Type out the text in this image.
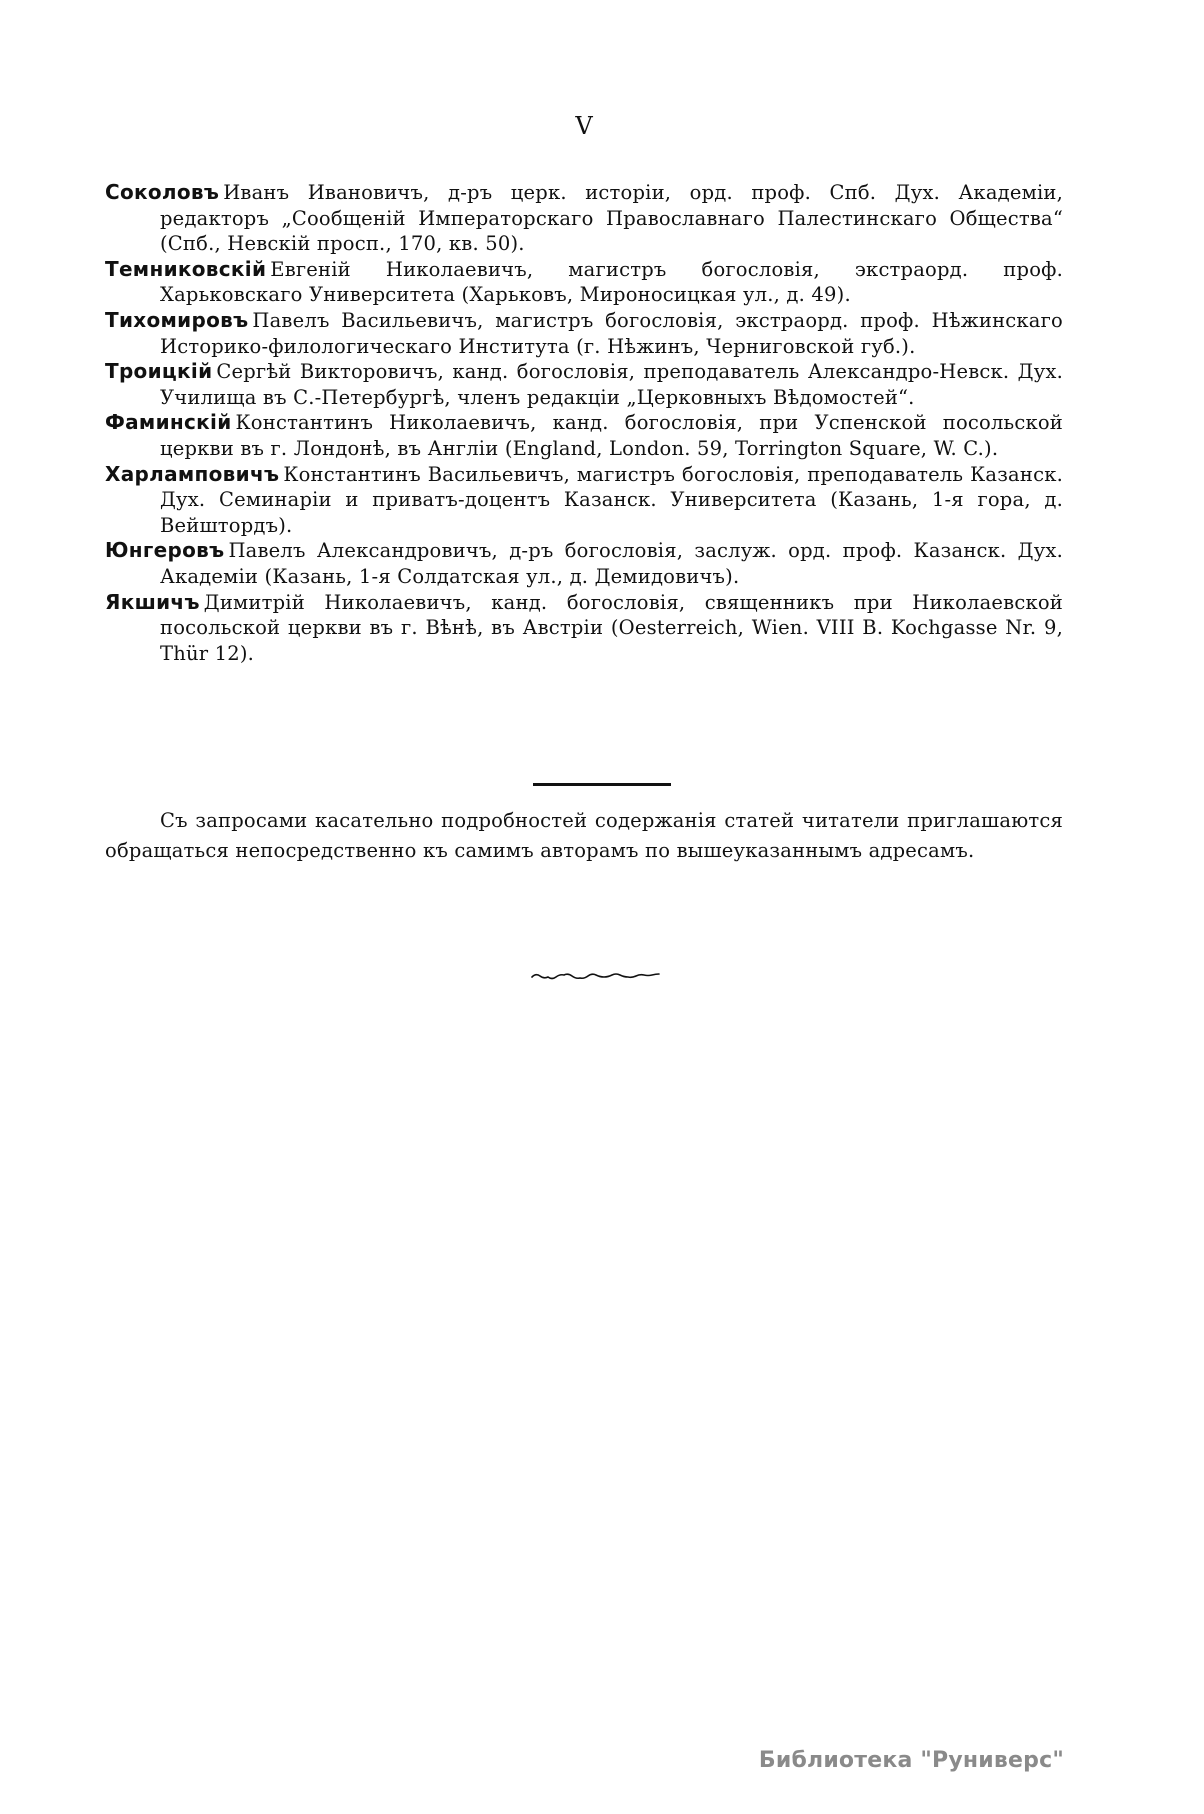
V

Соколовъ Иванъ Ивановичъ, д-ръ церк. исторіи, орд. проф. Спб. Дух. Академіи, редакторъ „Сообщеній Императорскаго Православнаго Палестинскаго Общества“ (Спб., Невскій просп., 170, кв. 50).

Темниковскій Евгеній Николаевичъ, магистръ богословія, экстраорд. проф. Харьковскаго Университета (Харьковъ, Мироносицкая ул., д. 49).

Тихомировъ Павелъ Васильевичъ, магистръ богословія, экстраорд. проф. Нѣжинскаго Историко-филологическаго Института (г. Нѣжинъ, Черниговской губ.).

Троицкій Сергѣй Викторовичъ, канд. богословія, преподаватель Александро-Невск. Дух. Училища въ С.-Петербургѣ, членъ редакціи „Церковныхъ Вѣдомостей“.

Фаминскій Константинъ Николаевичъ, канд. богословія, при Успенской посольской церкви въ г. Лондонѣ, въ Англіи (England, London. 59, Torrington Square, W. C.).

Харламповичъ Константинъ Васильевичъ, магистръ богословія, преподаватель Казанск. Дух. Семинаріи и приватъ-доцентъ Казанск. Университета (Казань, 1-я гора, д. Вейштордъ).

Юнгеровъ Павелъ Александровичъ, д-ръ богословія, заслуж. орд. проф. Казанск. Дух. Академіи (Казань, 1-я Солдатская ул., д. Демидовичъ).

Якшичъ Димитрій Николаевичъ, канд. богословія, священникъ при Николаевской посольской церкви въ г. Вѣнѣ, въ Австріи (Oesterreich, Wien. VIII B. Kochgasse Nr. 9, Thür 12).

Съ запросами касательно подробностей содержанія статей читатели приглашаются обращаться непосредственно къ самимъ авторамъ по вышеуказаннымъ адресамъ.

Библиотека "Руниверс"
